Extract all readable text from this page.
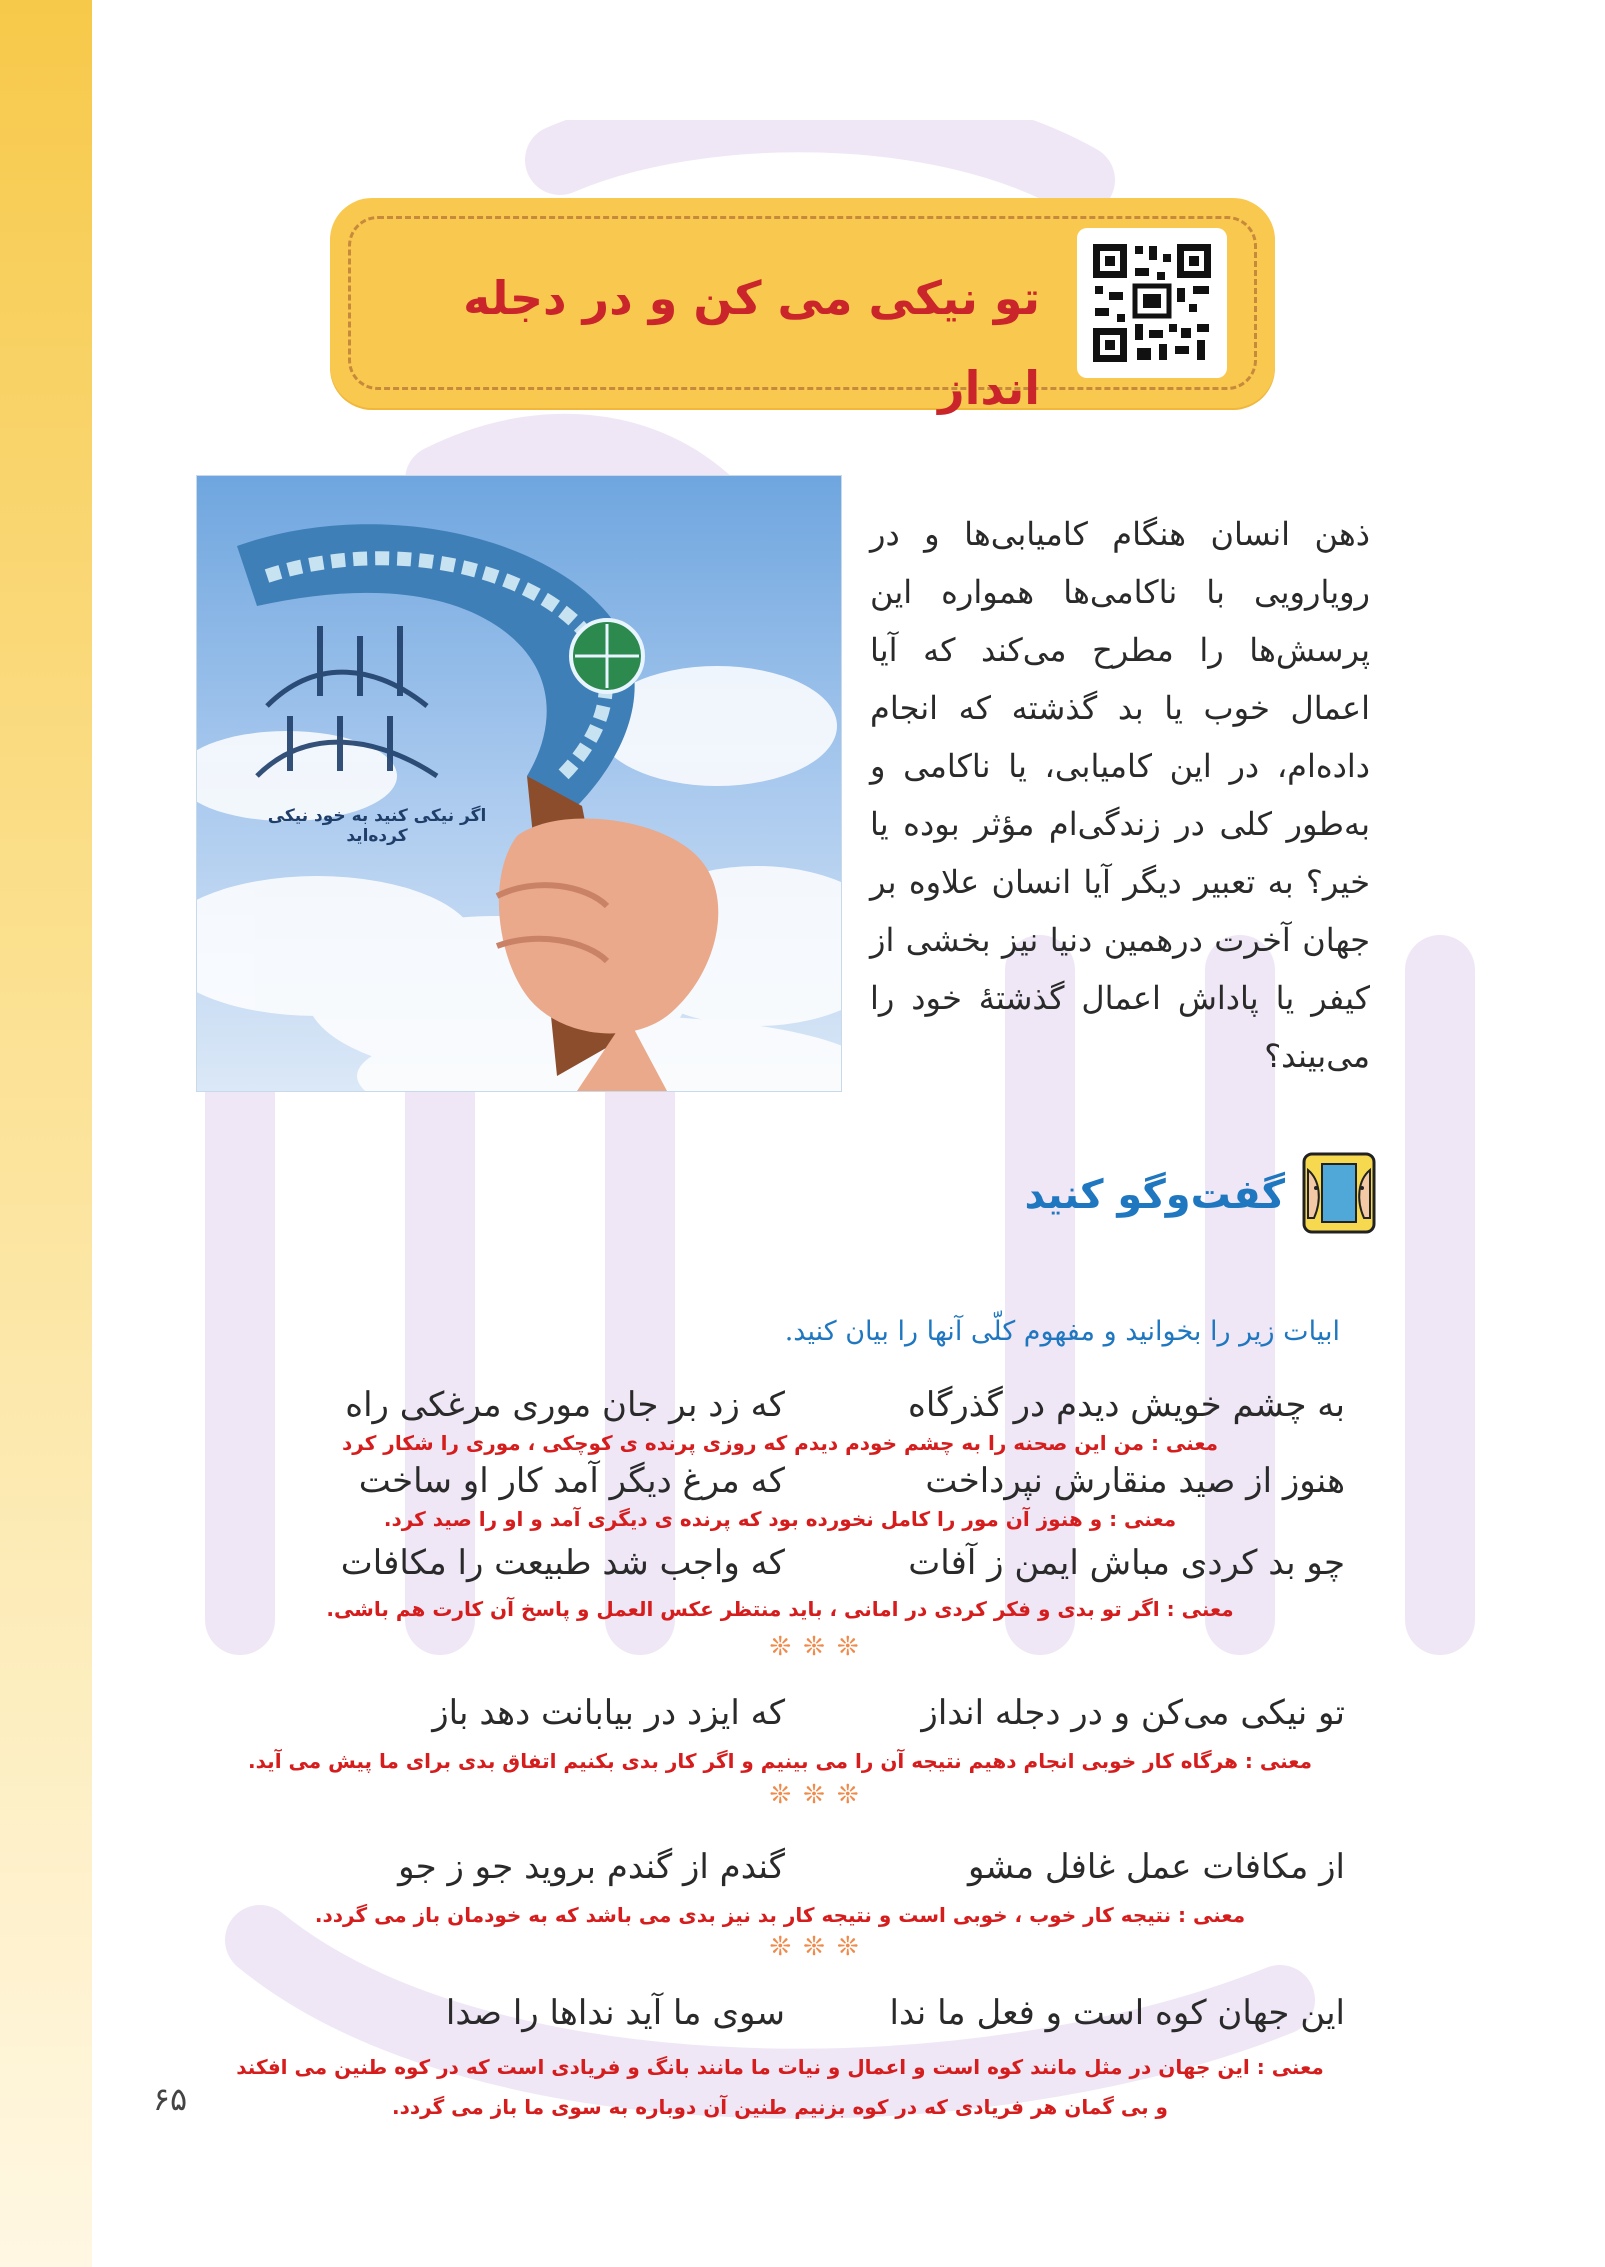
تو نیکی می کن و در دجله انداز
اگر نیکی کنید به خود نیکی کرده‌اید
ذهن انسان هنگام کامیابی‌ها و در رویارویی با ناکامی‌ها همواره این پرسش‌ها را مطرح می‌کند که آیا اعمال خوب یا بد گذشته که انجام داده‌ام، در این کامیابی، یا ناکامی و به‌طور کلی در زندگی‌ام مؤثر بوده یا خیر؟ به تعبیر دیگر آیا انسان علاوه بر جهان آخرت درهمین دنیا نیز بخشی از کیفر یا پاداش اعمال گذشتهٔ خود را می‌بیند؟
گفت‌وگو کنید
ابیات زیر را بخوانید و مفهوم کلّی آنها را بیان کنید.
به چشم خویش دیدم در گذرگاه
که زد بر جان موری مرغکی راه
معنی : من این صحنه را به چشم خودم دیدم که روزی پرنده ی کوچکی ، موری را شکار کرد
هنوز از صید منقارش نپرداخت
که مرغ دیگر آمد کار او ساخت
معنی : و هنوز آن مور را کامل نخورده بود که پرنده ی دیگری آمد و او را صید کرد.
چو بد کردی مباش ایمن ز آفات
که واجب شد طبیعت را مکافات
معنی : اگر تو بدی و فکر کردی در امانی ، باید منتظر عکس العمل و پاسخ آن کارت هم باشی.
❊❊❊
تو نیکی می‌کن و در دجله انداز
که ایزد در بیابانت دهد باز
معنی : هرگاه کار خوبی انجام دهیم نتیجه آن را می بینیم و اگر کار بدی بکنیم اتفاق بدی برای ما پیش می آید.
❊❊❊
از مکافات عمل غافل مشو
گندم از گندم بروید جو ز جو
معنی : نتیجه کار خوب ، خوبی است و نتیجه کار بد نیز بدی می باشد که به خودمان باز می گردد.
❊❊❊
این جهان کوه است و فعل ما ندا
سوی ما آید نداها را صدا
معنی : این جهان در مثل مانند کوه است و اعمال و نیات ما مانند بانگ و فریادی است که در کوه طنین می افکند
و بی گمان هر فریادی که در کوه بزنیم طنین آن دوباره به سوی ما باز می گردد.
۶۵
